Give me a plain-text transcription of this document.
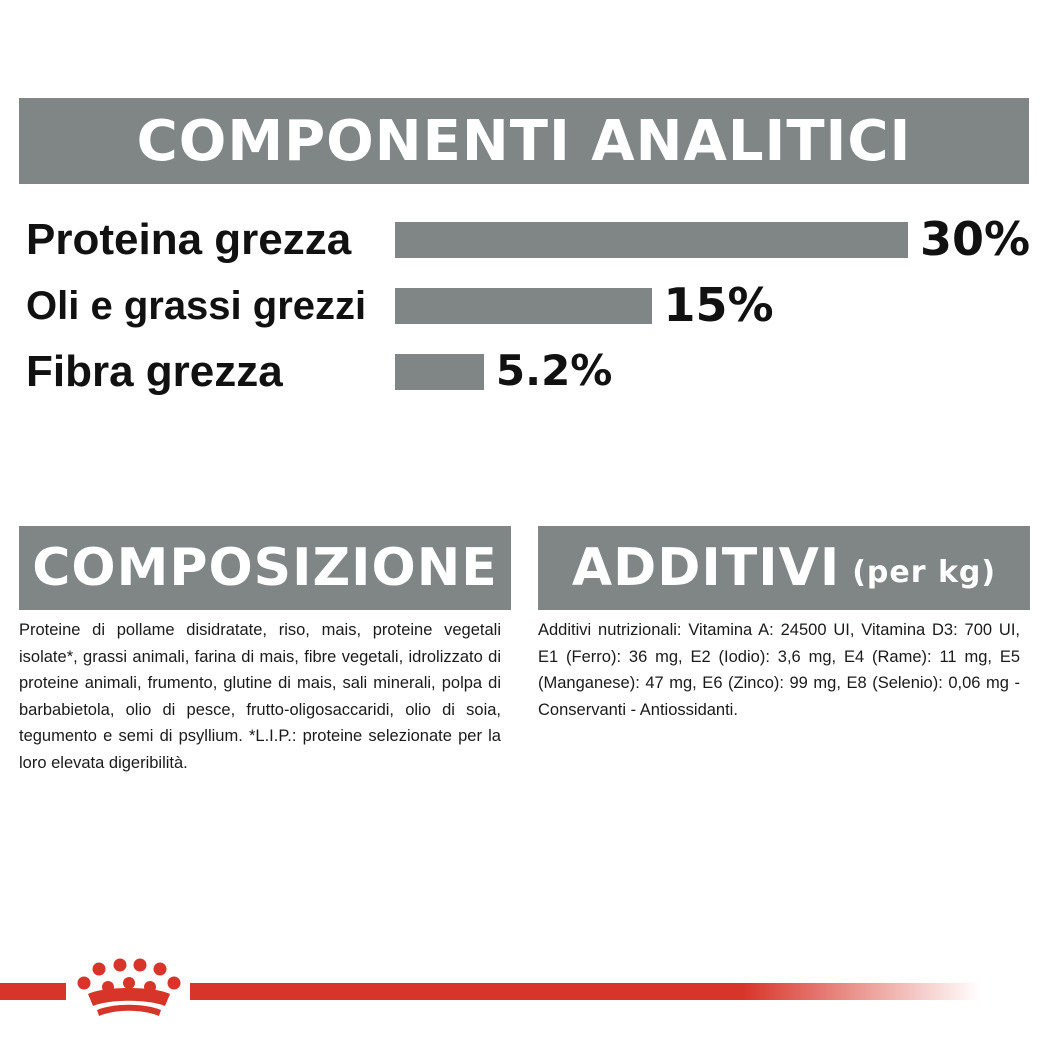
COMPONENTI ANALITICI
Proteina grezza	30%
Oli e grassi grezzi	15%
Fibra grezza	5.2%
COMPOSIZIONE ADDITIVI (per kg)
Proteine di pollame disidratate, riso, mais, proteine vegetali isolate*, grassi animali, farina di mais, fibre vegetali, idrolizzato di proteine animali, frumento, glutine di mais, sali minerali, polpa di barbabietola, olio di pesce, frutto-oligosaccaridi, olio di soia, tegumento e semi di psyllium. *L.I.P.: proteine selezionate per la loro elevata digeribilità.
Additivi nutrizionali: Vitamina A: 24500 UI, Vitamina D3: 700 UI, E1 (Ferro): 36 mg, E2 (Iodio): 3,6 mg, E4 (Rame): 11 mg, E5 (Manganese): 47 mg, E6 (Zinco): 99 mg, E8 (Selenio): 0,06 mg - Conservanti - Antiossidanti.
